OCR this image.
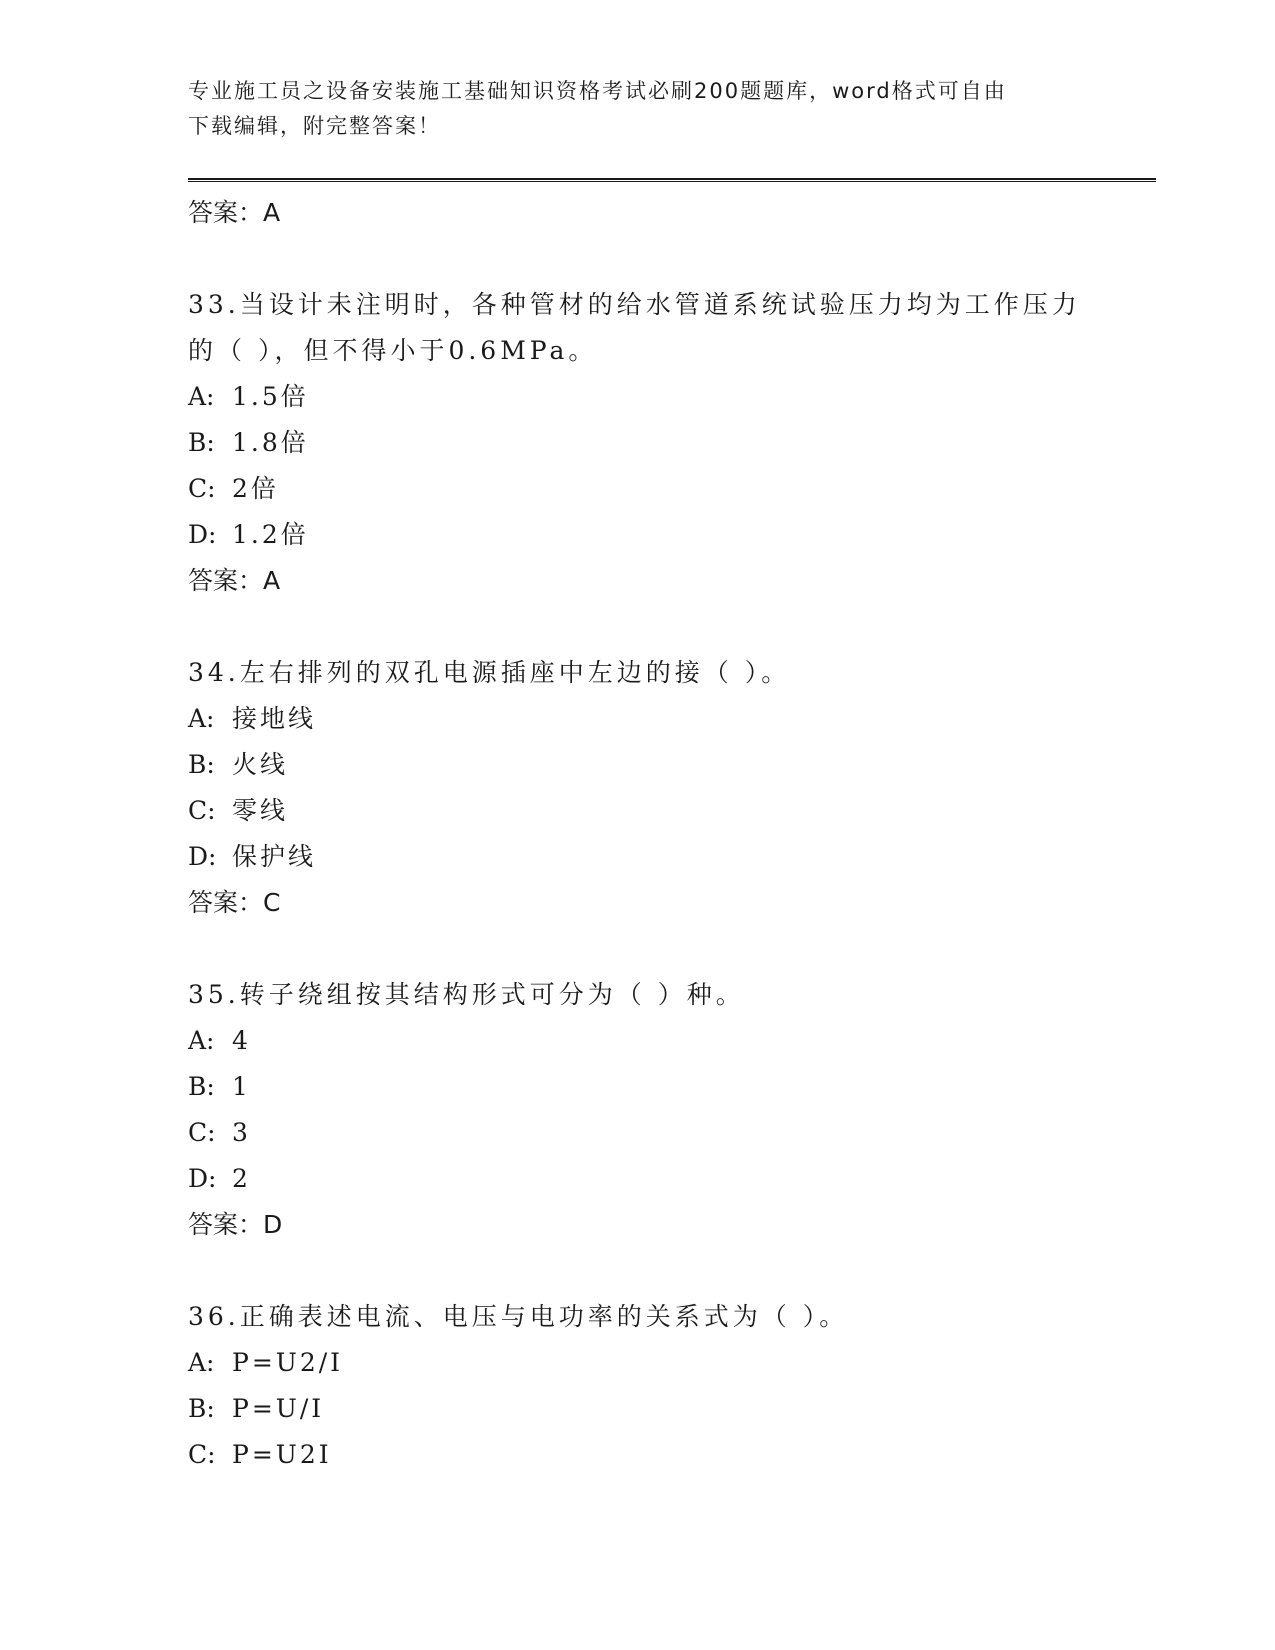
专业施工员之设备安装施工基础知识资格考试必刷200题题库，word格式可自由
下载编辑，附完整答案！
答案：A
33.当设计未注明时，各种管材的给水管道系统试验压力均为工作压力
的（ ），但不得小于0.6MPa。
A: 1.5倍
B: 1.8倍
C: 2倍
D: 1.2倍
答案：A
34.左右排列的双孔电源插座中左边的接（ ）。
A: 接地线
B: 火线
C: 零线
D: 保护线
答案：C
35.转子绕组按其结构形式可分为（ ）种。
A: 4
B: 1
C: 3
D: 2
答案：D
36.正确表述电流、电压与电功率的关系式为（ ）。
A: P=U2/I
B: P=U/I
C: P=U2I
